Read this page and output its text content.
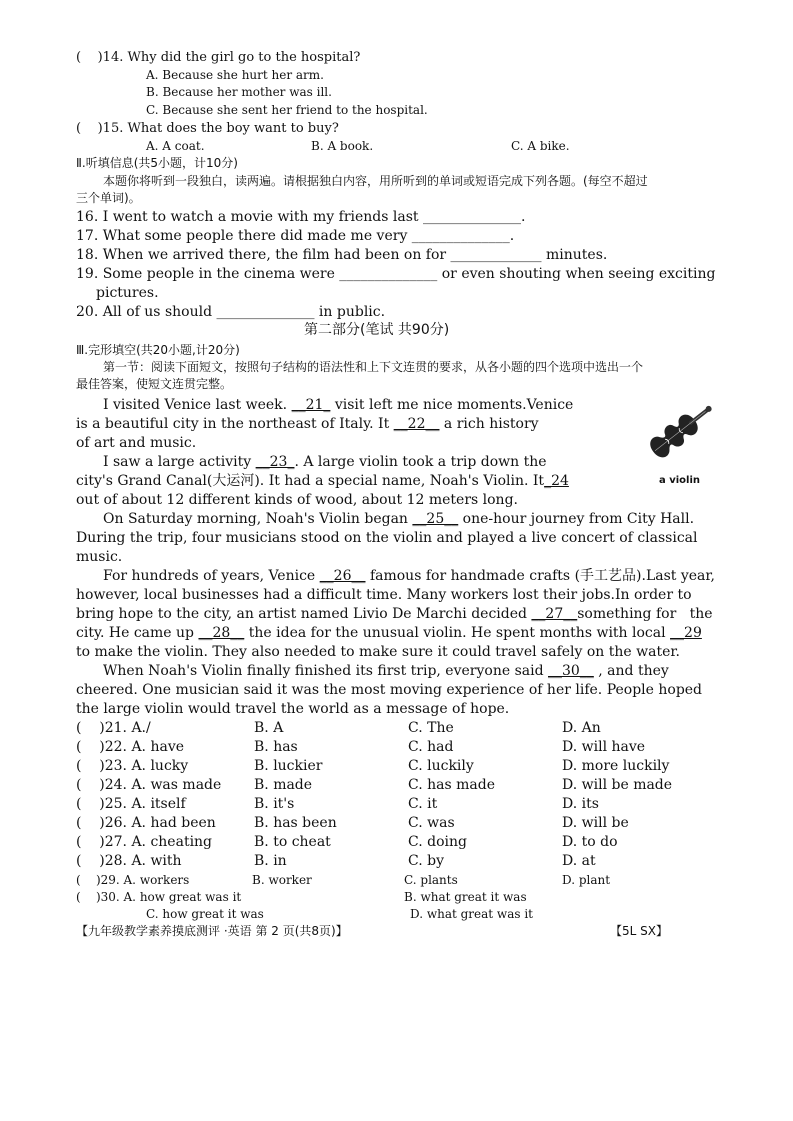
(    )14. Why did the girl go to the hospital?
A. Because she hurt her arm.
B. Because her mother was ill.
C. Because she sent her friend to the hospital.
(    )15. What does the boy want to buy?
A. A coat.	B. A book.	C. A bike.
Ⅱ.听填信息(共5小题，计10分)
本题你将听到一段独白，读两遍。请根据独白内容，用所听到的单词或短语完成下列各题。(每空不超过
三个单词)。
16. I went to watch a movie with my friends last ______________.
17. What some people there did made me very ______________.
18. When we arrived there, the film had been on for _____________ minutes.
19. Some people in the cinema were ______________ or even shouting when seeing exciting
pictures.
20. All of us should ______________ in public.
第二部分(笔试 共90分)
Ⅲ.完形填空(共20小题,计20分)
第一节：阅读下面短文，按照句子结构的语法性和上下文连贯的要求，从各小题的四个选项中选出一个
最佳答案，使短文连贯完整。
I visited Venice last week. __21_ visit left me nice moments.Venice
is a beautiful city in the northeast of Italy. It __22__ a rich history
of art and music.
I saw a large activity __23_. A large violin took a trip down the
city's Grand Canal(大运河). It had a special name, Noah's Violin. It_24
out of about 12 different kinds of wood, about 12 meters long.
a violin
On Saturday morning, Noah's Violin began __25__ one-hour journey from City Hall.
During the trip, four musicians stood on the violin and played a live concert of classical
music.
For hundreds of years, Venice __26__ famous for handmade crafts (手工艺品).Last year,
however, local businesses had a difficult time. Many workers lost their jobs.In order to
bring hope to the city, an artist named Livio De Marchi decided __27__something for   the
city. He came up __28__ the idea for the unusual violin. He spent months with local __29
to make the violin. They also needed to make sure it could travel safely on the water.
When Noah's Violin finally finished its first trip, everyone said __30__ , and they
cheered. One musician said it was the most moving experience of her life. People hoped
the large violin would travel the world as a message of hope.
(    )21. A./	B. A	C. The	D. An
(    )22. A. have	B. has	C. had	D. will have
(    )23. A. lucky	B. luckier	C. luckily	D. more luckily
(    )24. A. was made B. made	C. has made	D. will be made
(    )25. A. itself	B. it's	C. it	D. its
(    )26. A. had been	B. has been	C. was	D. will be
(    )27. A. cheating	B. to cheat	C. doing	D. to do
(    )28. A. with	B. in	C. by	D. at
(    )29. A. workers	B. worker	C. plants	D. plant
(    )30. A. how great was it	B. what great it was
C. how great it was	D. what great was it
【九年级教学素养摸底测评 ·英语 第 2 页(共8页)】	【5L SX】
